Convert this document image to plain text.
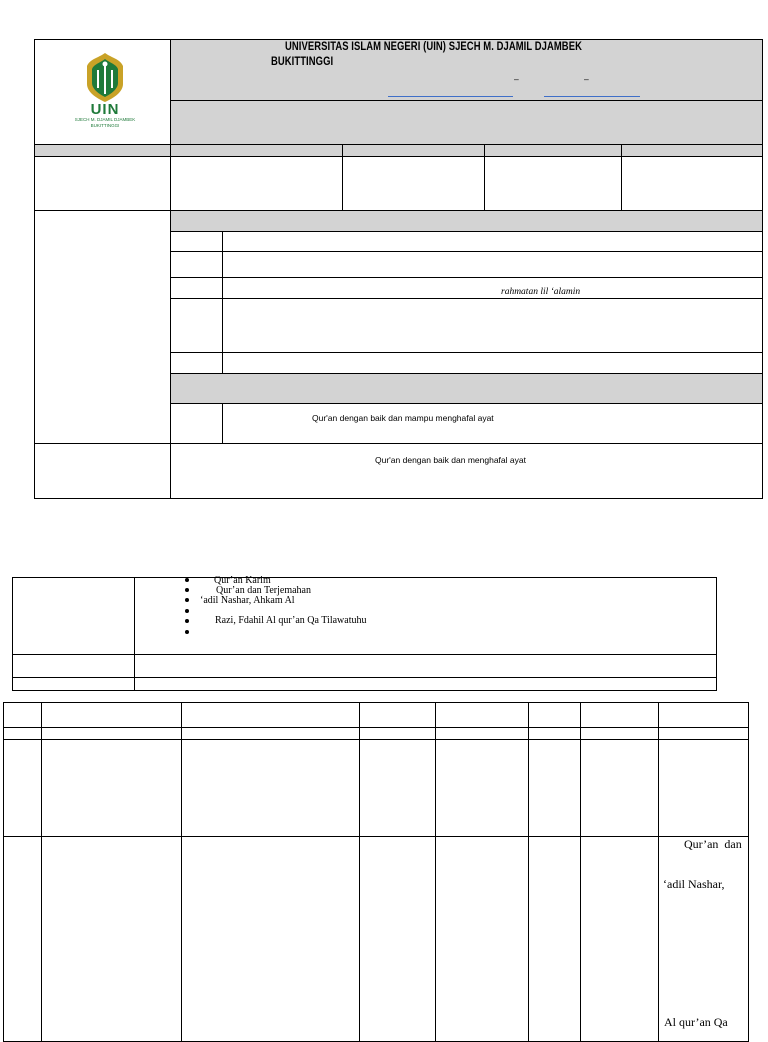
UIN
SJECH M. DJAMIL DJAMBEK
BUKITTINGGI
UNIVERSITAS ISLAM NEGERI (UIN) SJECH M. DJAMIL DJAMBEK
BUKITTINGGI
–	–
rahmatan lil ‘alamin
Qur'an dengan baik dan mampu menghafal ayat
Qur'an dengan baik dan menghafal ayat
Qur’an Karim
Qur’an dan Terjemahan
‘adil Nashar, Ahkam Al
Razi, Fdahil Al qur’an Qa Tilawatuhu
Qur’an  dan
‘adil Nashar,
Al qur’an Qa
